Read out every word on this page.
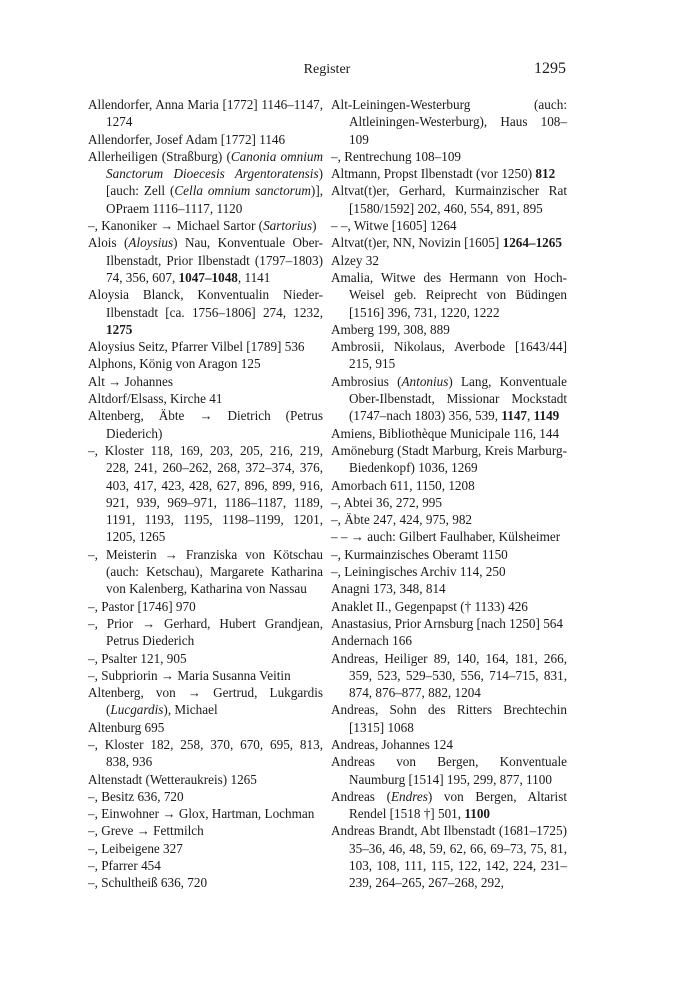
Register	1295

Allendorfer, Anna Maria [1772] 1146–1147, 1274

Allendorfer, Josef Adam [1772] 1146

Allerheiligen (Straßburg) (Canonia omnium Sanctorum Dioecesis Argentoratensis) [auch: Zell (Cella omnium sanctorum)], OPraem 1116–1117, 1120

–, Kanoniker → Michael Sartor (Sartorius)

Alois (Aloysius) Nau, Konventuale Ober-Ilbenstadt, Prior Ilbenstadt (1797–1803) 74, 356, 607, 1047–1048, 1141

Aloysia Blanck, Konventualin Nieder-Ilbenstadt [ca. 1756–1806] 274, 1232, 1275

Aloysius Seitz, Pfarrer Vilbel [1789] 536

Alphons, König von Aragon 125

Alt → Johannes

Altdorf/Elsass, Kirche 41

Altenberg, Äbte → Dietrich (Petrus Diederich)

–, Kloster 118, 169, 203, 205, 216, 219, 228, 241, 260–262, 268, 372–374, 376, 403, 417, 423, 428, 627, 896, 899, 916, 921, 939, 969–971, 1186–1187, 1189, 1191, 1193, 1195, 1198–1199, 1201, 1205, 1265

–, Meisterin → Franziska von Kötschau (auch: Ketschau), Margarete Katharina von Kalenberg, Katharina von Nassau

–, Pastor [1746] 970

–, Prior → Gerhard, Hubert Grandjean, Petrus Diederich

–, Psalter 121, 905

–, Subpriorin → Maria Susanna Veitin

Altenberg, von → Gertrud, Lukgardis (Lucgardis), Michael

Altenburg 695

–, Kloster 182, 258, 370, 670, 695, 813, 838, 936

Altenstadt (Wetteraukreis) 1265

–, Besitz 636, 720

–, Einwohner → Glox, Hartman, Lochman

–, Greve → Fettmilch

–, Leibeigene 327

–, Pfarrer 454

–, Schultheiß 636, 720

Alt-Leiningen-Westerburg (auch: Altleiningen-Westerburg), Haus 108–109

–, Rentrechung 108–109

Altmann, Propst Ilbenstadt (vor 1250) 812

Altvat(t)er, Gerhard, Kurmainzischer Rat [1580/1592] 202, 460, 554, 891, 895

– –, Witwe [1605] 1264

Altvat(t)er, NN, Novizin [1605] 1264–1265

Alzey 32

Amalia, Witwe des Hermann von Hoch-Weisel geb. Reiprecht von Büdingen [1516] 396, 731, 1220, 1222

Amberg 199, 308, 889

Ambrosii, Nikolaus, Averbode [1643/44] 215, 915

Ambrosius (Antonius) Lang, Konventuale Ober-Ilbenstadt, Missionar Mockstadt (1747–nach 1803) 356, 539, 1147, 1149

Amiens, Bibliothèque Municipale 116, 144

Amöneburg (Stadt Marburg, Kreis Marburg-Biedenkopf) 1036, 1269

Amorbach 611, 1150, 1208

–, Abtei 36, 272, 995

–, Äbte 247, 424, 975, 982

– – → auch: Gilbert Faulhaber, Külsheimer

–, Kurmainzisches Oberamt 1150

–, Leiningisches Archiv 114, 250

Anagni 173, 348, 814

Anaklet II., Gegenpapst († 1133) 426

Anastasius, Prior Arnsburg [nach 1250] 564

Andernach 166

Andreas, Heiliger 89, 140, 164, 181, 266, 359, 523, 529–530, 556, 714–715, 831, 874, 876–877, 882, 1204

Andreas, Sohn des Ritters Brechtechin [1315] 1068

Andreas, Johannes 124

Andreas von Bergen, Konventuale Naumburg [1514] 195, 299, 877, 1100

Andreas (Endres) von Bergen, Altarist Rendel [1518 †] 501, 1100

Andreas Brandt, Abt Ilbenstadt (1681–1725) 35–36, 46, 48, 59, 62, 66, 69–73, 75, 81, 103, 108, 111, 115, 122, 142, 224, 231–239, 264–265, 267–268, 292,
